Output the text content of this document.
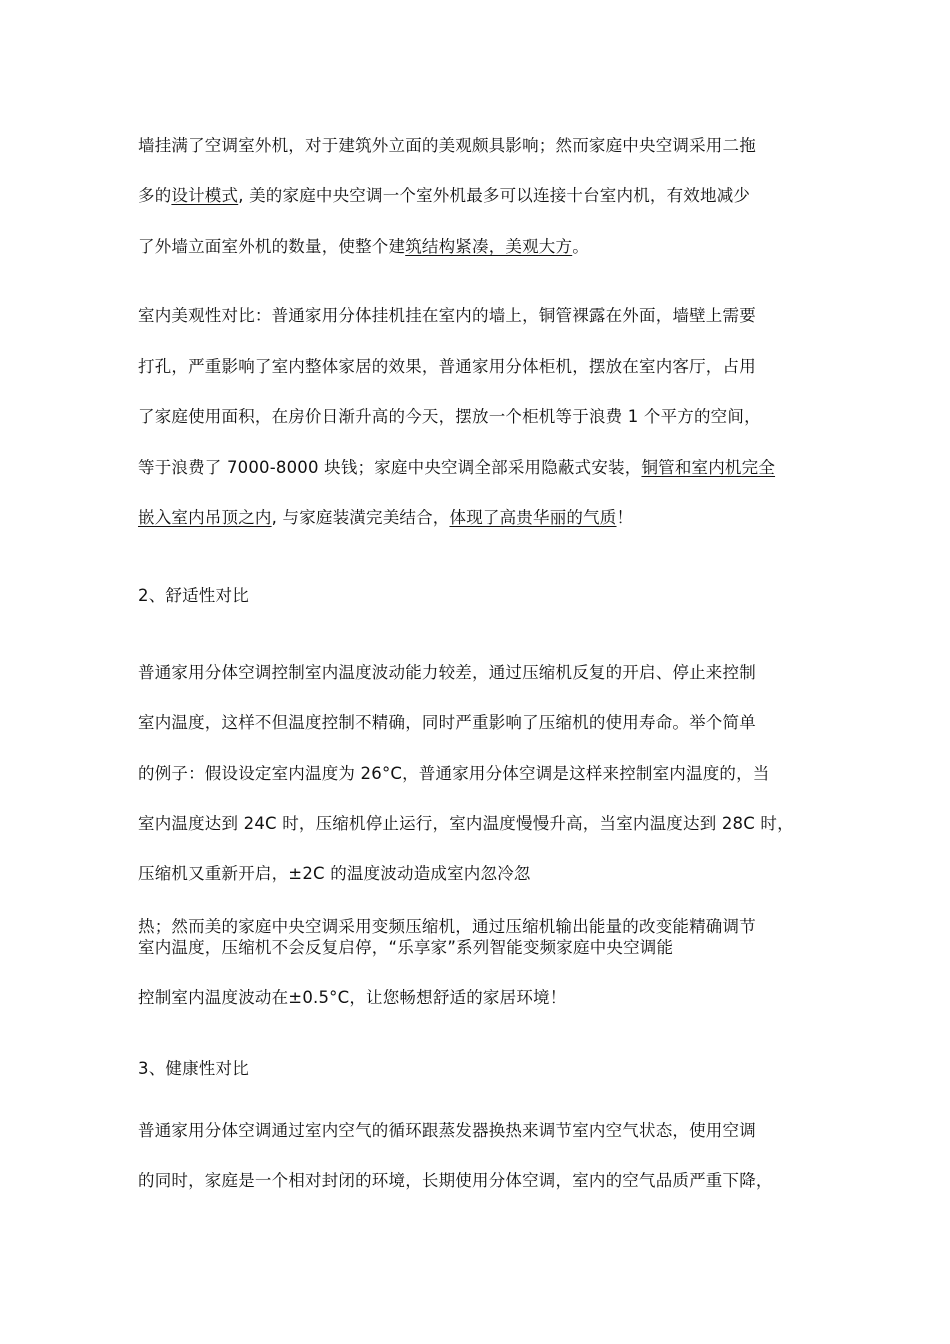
墙挂满了空调室外机，对于建筑外立面的美观颇具影响；然而家庭中央空调采用二拖
多的设计模式, 美的家庭中央空调一个室外机最多可以连接十台室内机，有效地减少
了外墙立面室外机的数量，使整个建筑结构紧凑，美观大方。
室内美观性对比：普通家用分体挂机挂在室内的墙上，铜管裸露在外面，墙壁上需要
打孔，严重影响了室内整体家居的效果，普通家用分体柜机，摆放在室内客厅，占用
了家庭使用面积，在房价日渐升高的今天，摆放一个柜机等于浪费 1 个平方的空间，
等于浪费了 7000-8000 块钱；家庭中央空调全部采用隐蔽式安装，铜管和室内机完全
嵌入室内吊顶之内, 与家庭装潢完美结合，体现了高贵华丽的气质！
2、舒适性对比
普通家用分体空调控制室内温度波动能力较差，通过压缩机反复的开启、停止来控制
室内温度，这样不但温度控制不精确，同时严重影响了压缩机的使用寿命。举个简单
的例子：假设设定室内温度为 26°C，普通家用分体空调是这样来控制室内温度的，当
室内温度达到 24C 时，压缩机停止运行，室内温度慢慢升高，当室内温度达到 28C 时，
压缩机又重新开启，±2C 的温度波动造成室内忽冷忽
热；然而美的家庭中央空调采用变频压缩机，通过压缩机输出能量的改变能精确调节
室内温度，压缩机不会反复启停，“乐享家”系列智能变频家庭中央空调能
控制室内温度波动在±0.5°C，让您畅想舒适的家居环境！
3、健康性对比
普通家用分体空调通过室内空气的循环跟蒸发器换热来调节室内空气状态，使用空调
的同时，家庭是一个相对封闭的环境，长期使用分体空调，室内的空气品质严重下降，
